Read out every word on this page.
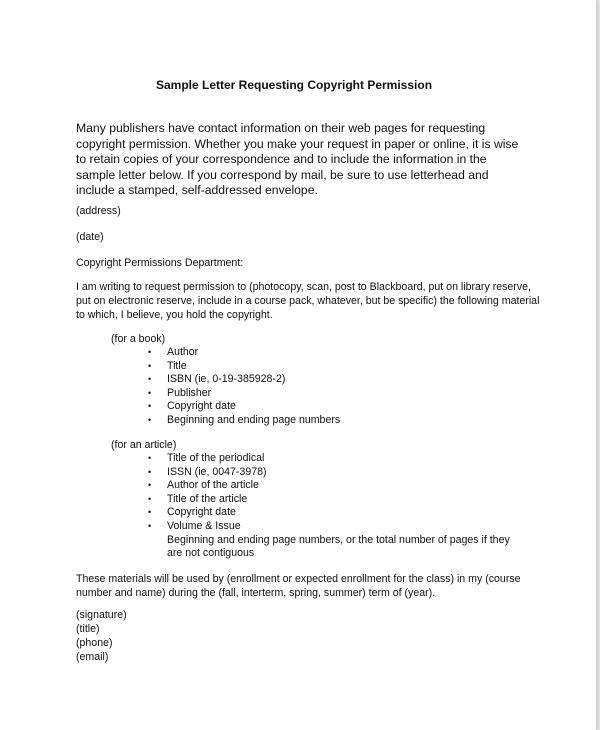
Sample Letter Requesting Copyright Permission
Many publishers have contact information on their web pages for requesting copyright permission. Whether you make your request in paper or online, it is wise to retain copies of your correspondence and to include the information in the sample letter below. If you correspond by mail, be sure to use letterhead and include a stamped, self-addressed envelope.
(address)
(date)
Copyright Permissions Department:
I am writing to request permission to (photocopy, scan, post to Blackboard, put on library reserve, put on electronic reserve, include in a course pack, whatever, but be specific) the following material to which, I believe, you hold the copyright.
(for a book)
• Author
• Title
• ISBN (ie, 0-19-385928-2)
• Publisher
• Copyright date
• Beginning and ending page numbers
(for an article)
• Title of the periodical
• ISSN (ie, 0047-3978)
• Author of the article
• Title of the article
• Copyright date
• Volume & Issue
Beginning and ending page numbers, or the total number of pages if they are not contiguous
These materials will be used by (enrollment or expected enrollment for the class) in my (course number and name) during the (fall, interterm, spring, summer) term of (year).
(signature)
(title)
(phone)
(email)
